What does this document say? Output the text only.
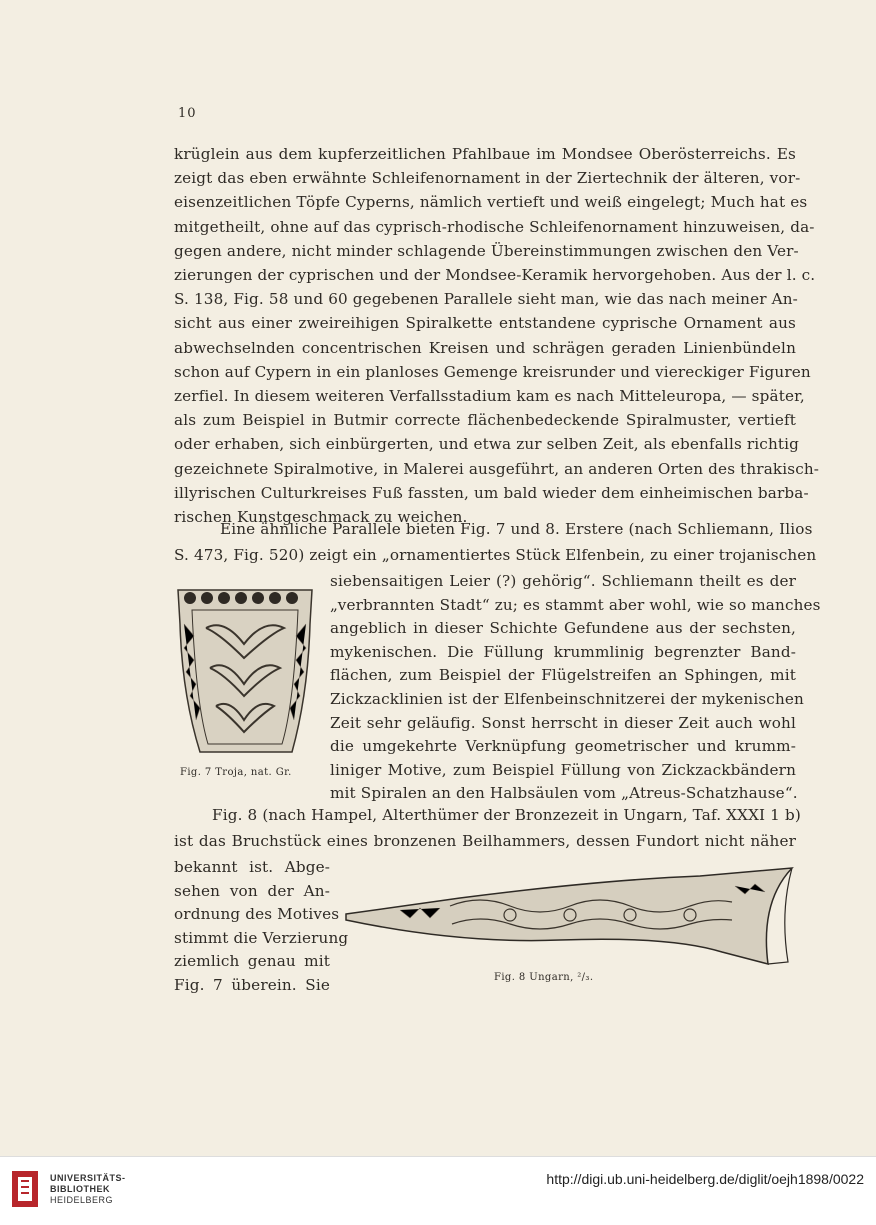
10
krüglein aus dem kupferzeitlichen Pfahlbaue im Mondsee Oberösterreichs. Es
zeigt das eben erwähnte Schleifenornament in der Ziertechnik der älteren, vor-
eisenzeitlichen Töpfe Cyperns, nämlich vertieft und weiß eingelegt; Much hat es
mitgetheilt, ohne auf das cyprisch-rhodische Schleifenornament hinzuweisen, da-
gegen andere, nicht minder schlagende Übereinstimmungen zwischen den Ver-
zierungen der cyprischen und der Mondsee-Keramik hervorgehoben. Aus der l. c.
S. 138, Fig. 58 und 60 gegebenen Parallele sieht man, wie das nach meiner An-
sicht aus einer zweireihigen Spiralkette entstandene cyprische Ornament aus
abwechselnden concentrischen Kreisen und schrägen geraden Linienbündeln
schon auf Cypern in ein planloses Gemenge kreisrunder und viereckiger Figuren
zerfiel. In diesem weiteren Verfallsstadium kam es nach Mitteleuropa, — später,
als zum Beispiel in Butmir correcte flächenbedeckende Spiralmuster, vertieft
oder erhaben, sich einbürgerten, und etwa zur selben Zeit, als ebenfalls richtig
gezeichnete Spiralmotive, in Malerei ausgeführt, an anderen Orten des thrakisch-
illyrischen Culturkreises Fuß fassten, um bald wieder dem einheimischen barba-
rischen Kunstgeschmack zu weichen.
Eine ähnliche Parallele bieten Fig. 7 und 8. Erstere (nach Schliemann, Ilios
S. 473, Fig. 520) zeigt ein „ornamentiertes Stück Elfenbein, zu einer trojanischen
siebensaitigen Leier (?) gehörig“. Schliemann theilt es der
„verbrannten Stadt“ zu; es stammt aber wohl, wie so manches
angeblich in dieser Schichte Gefundene aus der sechsten,
mykenischen. Die Füllung krummlinig begrenzter Band-
flächen, zum Beispiel der Flügelstreifen an Sphingen, mit
Zickzacklinien ist der Elfenbeinschnitzerei der mykenischen
Zeit sehr geläufig. Sonst herrscht in dieser Zeit auch wohl
die umgekehrte Verknüpfung geometrischer und krumm-
liniger Motive, zum Beispiel Füllung von Zickzackbändern
mit Spiralen an den Halbsäulen vom „Atreus-Schatzhause“.
Fig. 8 (nach Hampel, Alterthümer der Bronzezeit in Ungarn, Taf. XXXI 1 b)
ist das Bruchstück eines bronzenen Beilhammers, dessen Fundort nicht näher
bekannt ist. Abge-
sehen von der An-
ordnung des Motives
stimmt die Verzierung
ziemlich genau mit
Fig. 7 überein. Sie
Fig. 7 Troja, nat. Gr.
Fig. 8 Ungarn, ²/₃.
UNIVERSITÄTS-
BIBLIOTHEK
HEIDELBERG
http://digi.ub.uni-heidelberg.de/diglit/oejh1898/0022
